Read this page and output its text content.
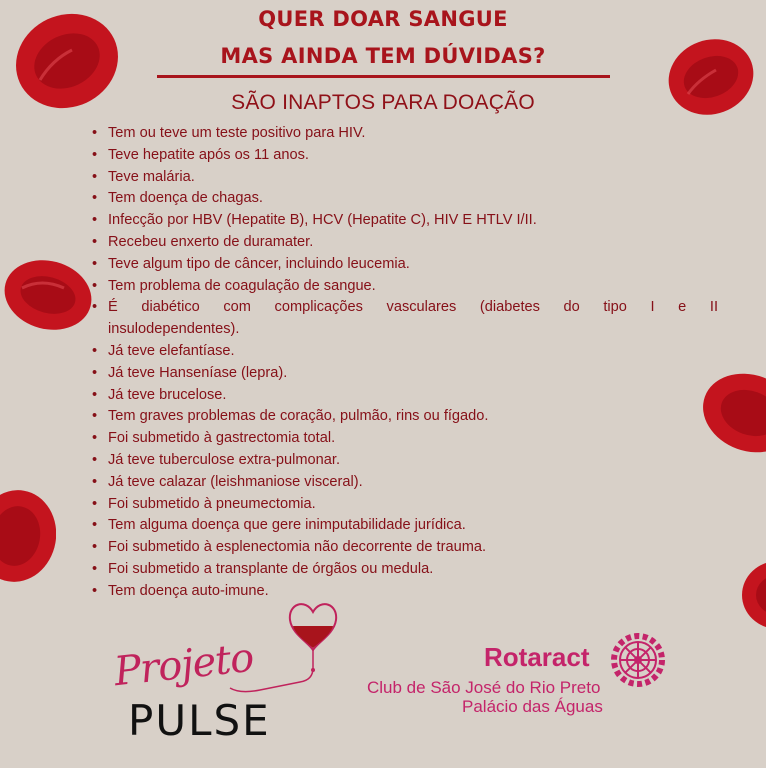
QUER DOAR SANGUE
MAS AINDA TEM DÚVIDAS?
SÃO INAPTOS PARA DOAÇÃO
• Tem ou teve um teste positivo para HIV.
• Teve hepatite após os 11 anos.
• Teve malária.
• Tem doença de chagas.
• Infecção por HBV (Hepatite B), HCV (Hepatite C), HIV E HTLV I/II.
• Recebeu enxerto de duramater.
• Teve algum tipo de câncer, incluindo leucemia.
• Tem problema de coagulação de sangue.
• É diabético com complicações vasculares (diabetes do tipo I e II
insulodependentes).
• Já teve elefantíase.
• Já teve Hanseníase (lepra).
• Já teve brucelose.
• Tem graves problemas de coração, pulmão, rins ou fígado.
• Foi submetido à gastrectomia total.
• Já teve tuberculose extra-pulmonar.
• Já teve calazar (leishmaniose visceral).
• Foi submetido à pneumectomia.
• Tem alguma doença que gere inimputabilidade jurídica.
• Foi submetido à esplenectomia não decorrente de trauma.
• Foi submetido a transplante de órgãos ou medula.
• Tem doença auto-imune.
Projeto
PULSE
Rotaract
Club de São José do Rio Preto
Palácio das Águas
